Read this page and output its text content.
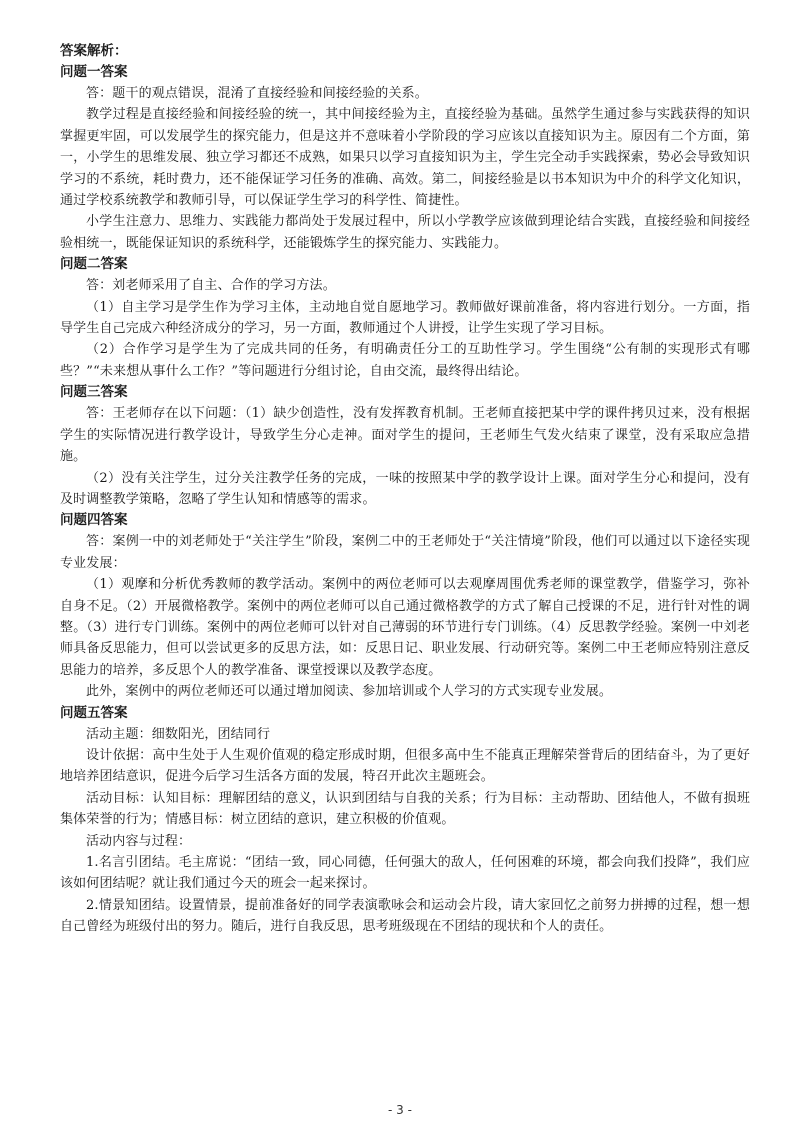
答案解析：
问题一答案

答：题干的观点错误，混淆了直接经验和间接经验的关系。

教学过程是直接经验和间接经验的统一，其中间接经验为主，直接经验为基础。虽然学生通过参与实践获得的知识掌握更牢固，可以发展学生的探究能力，但是这并不意味着小学阶段的学习应该以直接知识为主。原因有二个方面，第一，小学生的思维发展、独立学习都还不成熟，如果只以学习直接知识为主，学生完全动手实践探索，势必会导致知识学习的不系统，耗时费力，还不能保证学习任务的准确、高效。第二，间接经验是以书本知识为中介的科学文化知识，通过学校系统教学和教师引导，可以保证学生学习的科学性、简捷性。

小学生注意力、思维力、实践能力都尚处于发展过程中，所以小学教学应该做到理论结合实践，直接经验和间接经验相统一，既能保证知识的系统科学，还能锻炼学生的探究能力、实践能力。

问题二答案

答：刘老师采用了自主、合作的学习方法。

（1）自主学习是学生作为学习主体，主动地自觉自愿地学习。教师做好课前准备，将内容进行划分。一方面，指导学生自己完成六种经济成分的学习，另一方面，教师通过个人讲授，让学生实现了学习目标。

（2）合作学习是学生为了完成共同的任务，有明确责任分工的互助性学习。学生围绕“公有制的实现形式有哪些？”“未来想从事什么工作？”等问题进行分组讨论，自由交流，最终得出结论。

问题三答案

答：王老师存在以下问题：（1）缺少创造性，没有发挥教育机制。王老师直接把某中学的课件拷贝过来，没有根据学生的实际情况进行教学设计，导致学生分心走神。面对学生的提问，王老师生气发火结束了课堂，没有采取应急措施。

（2）没有关注学生，过分关注教学任务的完成，一味的按照某中学的教学设计上课。面对学生分心和提问，没有及时调整教学策略，忽略了学生认知和情感等的需求。

问题四答案

答：案例一中的刘老师处于“关注学生”阶段，案例二中的王老师处于“关注情境”阶段，他们可以通过以下途径实现专业发展：

（1）观摩和分析优秀教师的教学活动。案例中的两位老师可以去观摩周围优秀老师的课堂教学，借鉴学习，弥补自身不足。（2）开展微格教学。案例中的两位老师可以自己通过微格教学的方式了解自己授课的不足，进行针对性的调整。（3）进行专门训练。案例中的两位老师可以针对自己薄弱的环节进行专门训练。（4）反思教学经验。案例一中刘老师具备反思能力，但可以尝试更多的反思方法，如：反思日记、职业发展、行动研究等。案例二中王老师应特别注意反思能力的培养，多反思个人的教学准备、课堂授课以及教学态度。

此外，案例中的两位老师还可以通过增加阅读、参加培训或个人学习的方式实现专业发展。

问题五答案

活动主题：细数阳光，团结同行

设计依据：高中生处于人生观价值观的稳定形成时期，但很多高中生不能真正理解荣誉背后的团结奋斗，为了更好地培养团结意识，促进今后学习生活各方面的发展，特召开此次主题班会。

活动目标：认知目标：理解团结的意义，认识到团结与自我的关系；行为目标：主动帮助、团结他人，不做有损班集体荣誉的行为；情感目标：树立团结的意识，建立积极的价值观。

活动内容与过程：

1.名言引团结。毛主席说：“团结一致，同心同德，任何强大的敌人，任何困难的环境，都会向我们投降”，我们应该如何团结呢？就让我们通过今天的班会一起来探讨。

2.情景知团结。设置情景，提前准备好的同学表演歌咏会和运动会片段，请大家回忆之前努力拼搏的过程，想一想自己曾经为班级付出的努力。随后，进行自我反思，思考班级现在不团结的现状和个人的责任。

- 3 -
